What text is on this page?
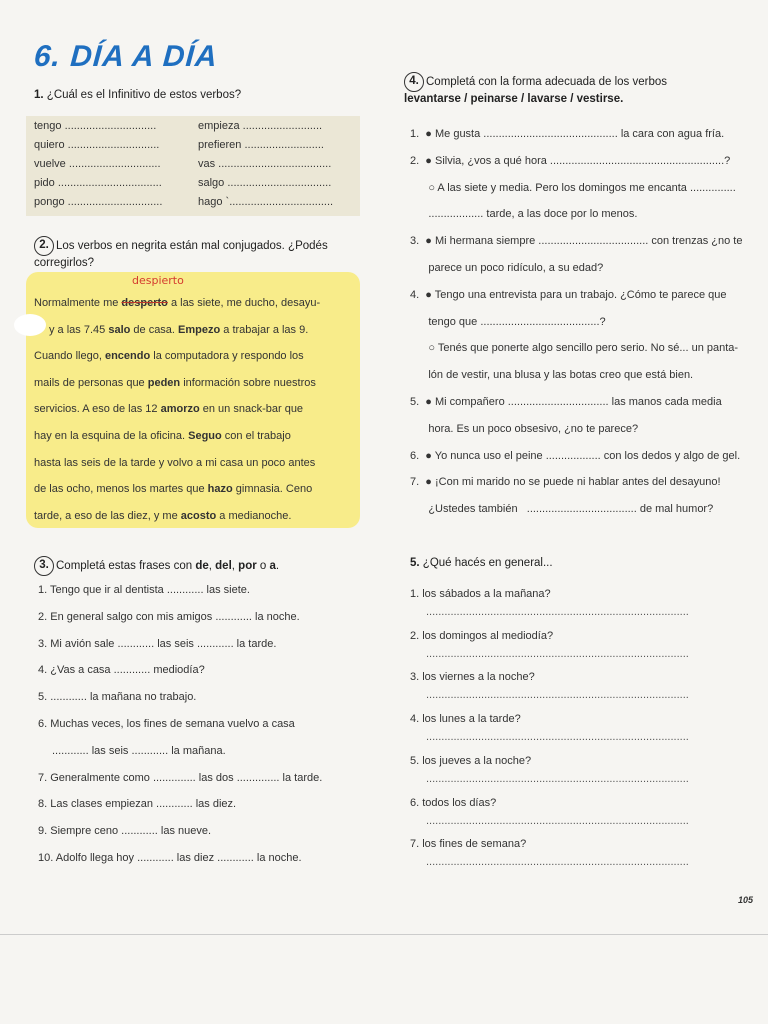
6. DÍA A DÍA
1. ¿Cuál es el Infinitivo de estos verbos?
tengo ..............................
quiero ..............................
vuelve ..............................
pido ..................................
pongo ...............................
empieza ..........................
prefieren ..........................
vas .....................................
salgo ..................................
hago `..................................
2. Los verbos en negrita están mal conjugados. ¿Podés
corregirlos?
despierto
Normalmente me desperto a las siete, me ducho, desayu-
y a las 7.45 salo de casa. Empezo a trabajar a las 9.
Cuando llego, encendo la computadora y respondo los
mails de personas que peden información sobre nuestros
servicios. A eso de las 12 amorzo en un snack-bar que
hay en la esquina de la oficina. Seguo con el trabajo
hasta las seis de la tarde y volvo a mi casa un poco antes
de las ocho, menos los martes que hazo gimnasia. Ceno
tarde, a eso de las diez, y me acosto a medianoche.
3. Completá estas frases con de, del, por o a.
1. Tengo que ir al dentista ............ las siete.
2. En general salgo con mis amigos ............ la noche.
3. Mi avión sale ............ las seis ............ la tarde.
4. ¿Vas a casa ............ mediodía?
5. ............ la mañana no trabajo.
6. Muchas veces, los fines de semana vuelvo a casa
............ las seis ............ la mañana.
7. Generalmente como .............. las dos .............. la tarde.
8. Las clases empiezan ............ las diez.
9. Siempre ceno ............ las nueve.
10. Adolfo llega hoy ............ las diez ............ la noche.
4. Completá con la forma adecuada de los verbos
levantarse / peinarse / lavarse / vestirse.
1.  ● Me gusta ............................................ la cara con agua fría.
2.  ● Silvia, ¿vos a qué hora .........................................................?
○ A las siete y media. Pero los domingos me encanta ...............
.................. tarde, a las doce por lo menos.
3.  ● Mi hermana siempre .................................... con trenzas ¿no te
parece un poco ridículo, a su edad?
4.  ● Tengo una entrevista para un trabajo. ¿Cómo te parece que
tengo que .......................................?
○ Tenés que ponerte algo sencillo pero serio. No sé... un panta-
lón de vestir, una blusa y las botas creo que está bien.
5.  ● Mi compañero ................................. las manos cada media
hora. Es un poco obsesivo, ¿no te parece?
6.  ● Yo nunca uso el peine .................. con los dedos y algo de gel.
7.  ● ¡Con mi marido no se puede ni hablar antes del desayuno!
¿Ustedes también   .................................... de mal humor?
5. ¿Qué hacés en general...
1. los sábados a la mañana?
......................................................................................
2. los domingos al mediodía?
......................................................................................
3. los viernes a la noche?
......................................................................................
4. los lunes a la tarde?
......................................................................................
5. los jueves a la noche?
......................................................................................
6. todos los días?
......................................................................................
7. los fines de semana?
......................................................................................
105
